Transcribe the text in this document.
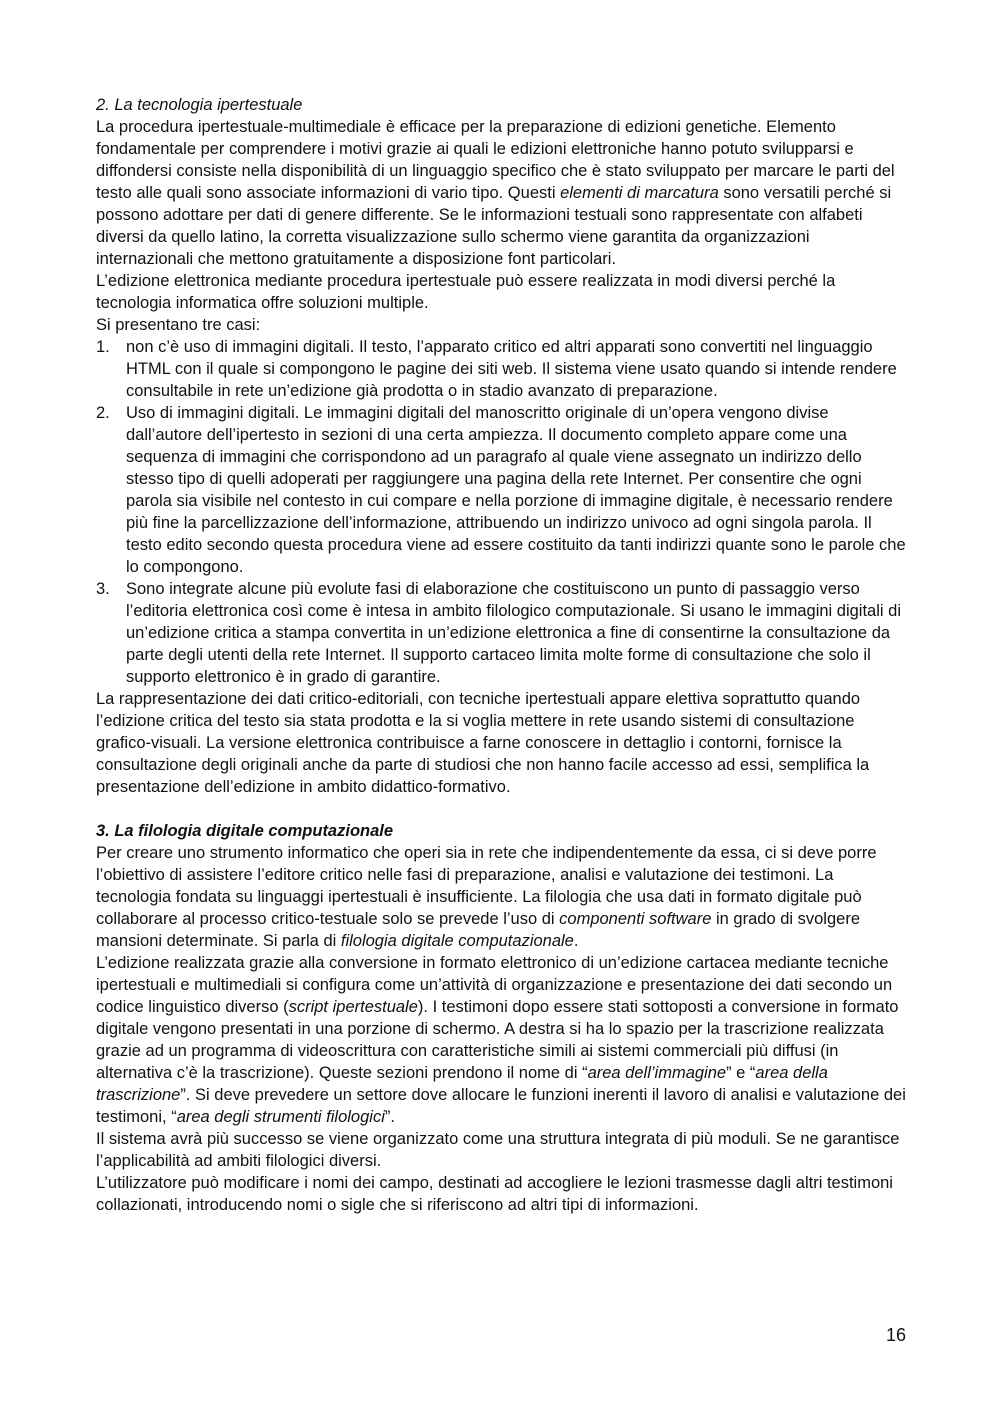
2. La tecnologia ipertestuale

La procedura ipertestuale-multimediale è efficace per la preparazione di edizioni genetiche. Elemento fondamentale per comprendere i motivi grazie ai quali le edizioni elettroniche hanno potuto svilupparsi e diffondersi consiste nella disponibilità di un linguaggio specifico che è stato sviluppato per marcare le parti del testo alle quali sono associate informazioni di vario tipo. Questi elementi di marcatura sono versatili perché si possono adottare per dati di genere differente. Se le informazioni testuali sono rappresentate con alfabeti diversi da quello latino, la corretta visualizzazione sullo schermo viene garantita da organizzazioni internazionali che mettono gratuitamente a disposizione font particolari.

L’edizione elettronica mediante procedura ipertestuale può essere realizzata in modi diversi perché la tecnologia informatica offre soluzioni multiple.

Si presentano tre casi:

1. non c’è uso di immagini digitali. Il testo, l’apparato critico ed altri apparati sono convertiti nel linguaggio HTML con il quale si compongono le pagine dei siti web. Il sistema viene usato quando si intende rendere consultabile in rete un’edizione già prodotta o in stadio avanzato di preparazione.
2. Uso di immagini digitali. Le immagini digitali del manoscritto originale di un’opera vengono divise dall’autore dell’ipertesto in sezioni di una certa ampiezza. Il documento completo appare come una sequenza di immagini che corrispondono ad un paragrafo al quale viene assegnato un indirizzo dello stesso tipo di quelli adoperati per raggiungere una pagina della rete Internet. Per consentire che ogni parola sia visibile nel contesto in cui compare e nella porzione di immagine digitale, è necessario rendere più fine la parcellizzazione dell’informazione, attribuendo un indirizzo univoco ad ogni singola parola. Il testo edito secondo questa procedura viene ad essere costituito da tanti indirizzi quante sono le parole che lo compongono.
3. Sono integrate alcune più evolute fasi di elaborazione che costituiscono un punto di passaggio verso l’editoria elettronica così come è intesa in ambito filologico computazionale. Si usano le immagini digitali di un’edizione critica a stampa convertita in un’edizione elettronica a fine di consentirne la consultazione da parte degli utenti della rete Internet. Il supporto cartaceo limita molte forme di consultazione che solo il supporto elettronico è in grado di garantire.

La rappresentazione dei dati critico-editoriali, con tecniche ipertestuali appare elettiva soprattutto quando l’edizione critica del testo sia stata prodotta e la si voglia mettere in rete usando sistemi di consultazione grafico-visuali. La versione elettronica contribuisce a farne conoscere in dettaglio i contorni, fornisce la consultazione degli originali anche da parte di studiosi che non hanno facile accesso ad essi, semplifica la presentazione dell’edizione in ambito didattico-formativo.

3. La filologia digitale computazionale

Per creare uno strumento informatico che operi sia in rete che indipendentemente da essa, ci si deve porre l’obiettivo di assistere l’editore critico nelle fasi di preparazione, analisi e valutazione dei testimoni. La tecnologia fondata su linguaggi ipertestuali è insufficiente. La filologia che usa dati in formato digitale può collaborare al processo critico-testuale solo se prevede l’uso di componenti software in grado di svolgere mansioni determinate. Si parla di filologia digitale computazionale.

L’edizione realizzata grazie alla conversione in formato elettronico di un’edizione cartacea mediante tecniche ipertestuali e multimediali si configura come un’attività di organizzazione e presentazione dei dati secondo un codice linguistico diverso (script ipertestuale). I testimoni dopo essere stati sottoposti a conversione in formato digitale vengono presentati in una porzione di schermo. A destra si ha lo spazio per la trascrizione realizzata grazie ad un programma di videoscrittura con caratteristiche simili ai sistemi commerciali più diffusi (in alternativa c’è la trascrizione). Queste sezioni prendono il nome di “area dell’immagine” e “area della trascrizione”. Si deve prevedere un settore dove allocare le funzioni inerenti il lavoro di analisi e valutazione dei testimoni, “area degli strumenti filologici”.

Il sistema avrà più successo se viene organizzato come una struttura integrata di più moduli. Se ne garantisce l’applicabilità ad ambiti filologici diversi.

L’utilizzatore può modificare i nomi dei campo, destinati ad accogliere le lezioni trasmesse dagli altri testimoni collazionati, introducendo nomi o sigle che si riferiscono ad altri tipi di informazioni.

16
